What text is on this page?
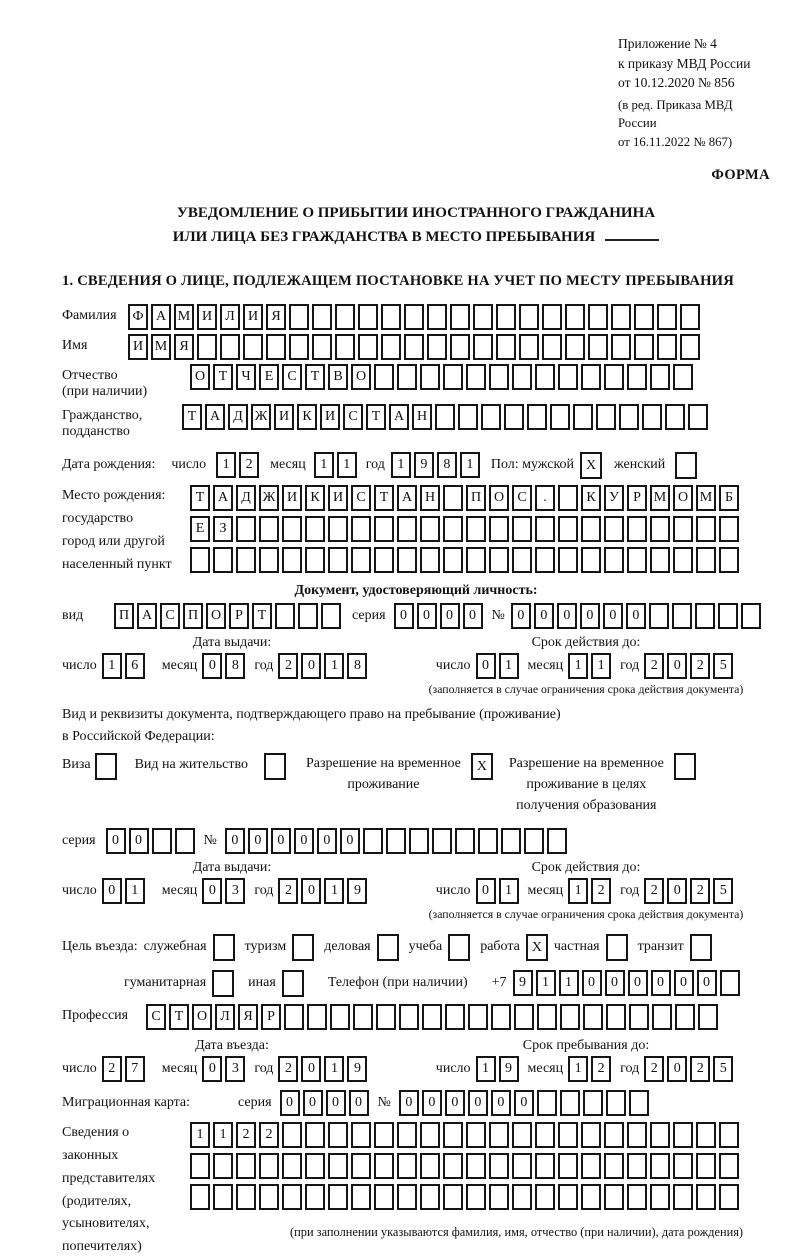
Приложение № 4
к приказу МВД России
от 10.12.2020 № 856
(в ред. Приказа МВД России
от 16.11.2022 № 867)
ФОРМА
УВЕДОМЛЕНИЕ О ПРИБЫТИИ ИНОСТРАННОГО ГРАЖДАНИНА
ИЛИ ЛИЦА БЕЗ ГРАЖДАНСТВА В МЕСТО ПРЕБЫВАНИЯ
1. СВЕДЕНИЯ О ЛИЦЕ, ПОДЛЕЖАЩЕМ ПОСТАНОВКЕ НА УЧЕТ ПО МЕСТУ ПРЕБЫВАНИЯ
Фамилия	Ф А М И Л И Я
Имя	И М Я
Отчество
(при наличии)
О Т	Ч	Е	С	Т	В О
Гражданство,
подданство
Т А Д Ж И К И С	Т А Н
Дата рождения: число	1	2	месяц	1	1	год 1	9	8	1	Пол: мужской X	женский
Место рождения:
государство
город или другой
населенный пункт
Т А Д Ж И К И С	Т А Н	П О С	.	К У	Р М О М Б
Е	З
Документ, удостоверяющий личность:
вид	П А С П О	Р	Т	серия	0	0	0	0	№ 0	0	0	0	0	0
Дата выдачи:
число 1	6	месяц 0	8	год 2	0	1	8
Срок действия до:
число 0	1	месяц 1	1	год 2	0	2	5
(заполняется в случае ограничения срока действия документа)
Вид и реквизиты документа, подтверждающего право на пребывание (проживание)
в Российской Федерации:
Виза	Вид на жительство	Разрешение на временное
проживание
X	Разрешение на временное
проживание в целях
получения образования
серия	0	0	№	0	0	0	0	0	0
Дата выдачи:
число 0	1	месяц 0	3	год 2	0	1	9
Срок действия до:
число 0	1	месяц 1	2	год 2	0	2	5
(заполняется в случае ограничения срока действия документа)
Цель въезда: служебная	туризм	деловая	учеба	работа X частная	транзит
гуманитарная	иная	Телефон (при наличии) +7 9	1	1	0	0	0	0	0	0
Профессия	С	Т О Л Я	Р
Дата въезда:
число 2	7	месяц 0	3	год 2	0	1	9
Срок пребывания до:
число 1	9	месяц 1	2	год 2	0	2	5
Миграционная карта:	серия	0	0	0	0	№	0	0	0	0	0	0
Сведения о
законных
представителях
(родителях,
усыновителях,
попечителях)
1	1	2	2
(при заполнении указываются фамилия, имя, отчество (при наличии), дата рождения)
